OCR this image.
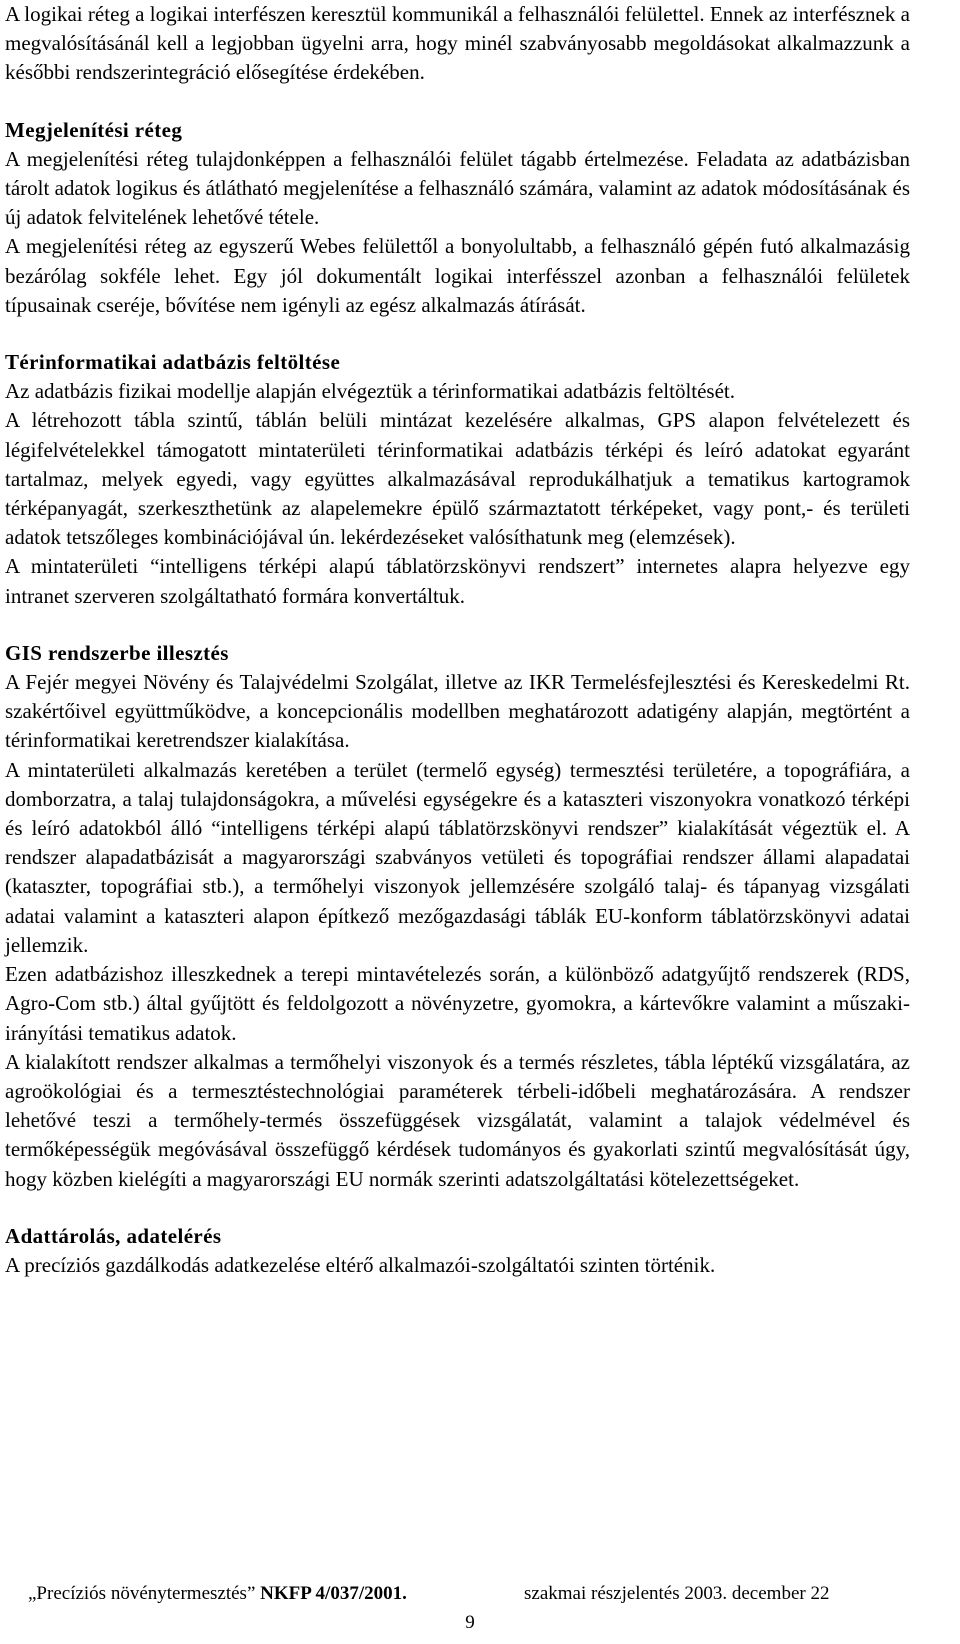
A logikai réteg a logikai interfészen keresztül kommunikál a felhasználói felülettel. Ennek az interfésznek a megvalósításánál kell a legjobban ügyelni arra, hogy minél szabványosabb megoldásokat alkalmazzunk a későbbi rendszerintegráció elősegítése érdekében.

Megjelenítési réteg

A megjelenítési réteg tulajdonképpen a felhasználói felület tágabb értelmezése. Feladata az adatbázisban tárolt adatok logikus és átlátható megjelenítése a felhasználó számára, valamint az adatok módosításának és új adatok felvitelének lehetővé tétele.

A megjelenítési réteg az egyszerű Webes felülettől a bonyolultabb, a felhasználó gépén futó alkalmazásig bezárólag sokféle lehet. Egy jól dokumentált logikai interfésszel azonban a felhasználói felületek típusainak cseréje, bővítése nem igényli az egész alkalmazás átírását.

Térinformatikai adatbázis feltöltése

Az adatbázis fizikai modellje alapján elvégeztük a térinformatikai adatbázis feltöltését.

A létrehozott tábla szintű, táblán belüli mintázat kezelésére alkalmas, GPS alapon felvételezett és légifelvételekkel támogatott mintaterületi térinformatikai adatbázis térképi és leíró adatokat egyaránt tartalmaz, melyek egyedi, vagy együttes alkalmazásával reprodukálhatjuk a tematikus kartogramok térképanyagát, szerkeszthetünk az alapelemekre épülő származtatott térképeket, vagy pont,- és területi adatok tetszőleges kombinációjával ún. lekérdezéseket valósíthatunk meg (elemzések).

A mintaterületi “intelligens térképi alapú táblatörzskönyvi rendszert” internetes alapra helyezve egy intranet szerveren szolgáltatható formára konvertáltuk.

GIS rendszerbe illesztés

A Fejér megyei Növény és Talajvédelmi Szolgálat, illetve az IKR Termelésfejlesztési és Kereskedelmi Rt. szakértőivel együttműködve, a koncepcionális modellben meghatározott adatigény alapján, megtörtént a térinformatikai keretrendszer kialakítása.

A mintaterületi alkalmazás keretében a terület (termelő egység) termesztési területére, a topográfiára, a domborzatra, a talaj tulajdonságokra, a művelési egységekre és a kataszteri viszonyokra vonatkozó térképi és leíró adatokból álló “intelligens térképi alapú táblatörzskönyvi rendszer” kialakítását végeztük el. A rendszer alapadatbázisát a magyarországi szabványos vetületi és topográfiai rendszer állami alapadatai (kataszter, topográfiai stb.), a termőhelyi viszonyok jellemzésére szolgáló talaj- és tápanyag vizsgálati adatai valamint a kataszteri alapon építkező mezőgazdasági táblák EU-konform táblatörzskönyvi adatai jellemzik.

Ezen adatbázishoz illeszkednek a terepi mintavételezés során, a különböző adatgyűjtő rendszerek (RDS, Agro-Com stb.) által gyűjtött és feldolgozott a növényzetre, gyomokra, a kártevőkre valamint a műszaki-irányítási tematikus adatok.

A kialakított rendszer alkalmas a termőhelyi viszonyok és a termés részletes, tábla léptékű vizsgálatára, az agroökológiai és a termesztéstechnológiai paraméterek térbeli-időbeli meghatározására. A rendszer lehetővé teszi a termőhely-termés összefüggések vizsgálatát, valamint a talajok védelmével és termőképességük megóvásával összefüggő kérdések tudományos és gyakorlati szintű megvalósítását úgy, hogy közben kielégíti a magyarországi EU normák szerinti adatszolgáltatási kötelezettségeket.

Adattárolás, adatelérés

A precíziós gazdálkodás adatkezelése eltérő alkalmazói-szolgáltatói szinten történik.

„Precíziós növénytermesztés” NKFP 4/037/2001.	szakmai részjelentés 2003. december 22
9
